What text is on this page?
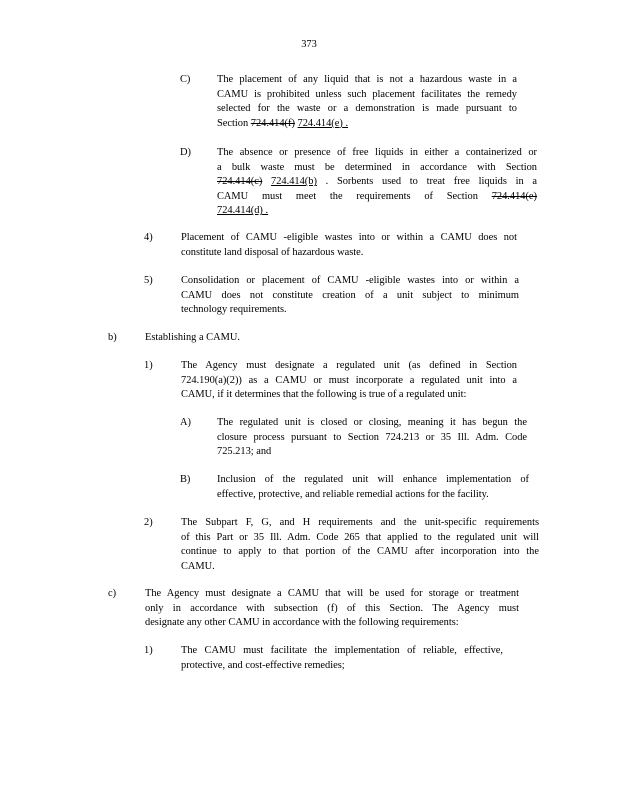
373
C)	The placement of any liquid that is not a hazardous waste in a
CAMU is prohibited unless such placement facilitates the remedy
selected for the waste or a demonstration is made pursuant to
Section 724.414(f) 724.414(e) .
D)	The absence or presence of free liquids in either a containerized or
a bulk waste must be determined in accordance with Section
724.414(c) 724.414(b) . Sorbents used to treat free liquids in a
CAMU must meet the requirements of Section 724.414(e)
724.414(d) .
4)	Placement of CAMU -eligible wastes into or within a CAMU does not
constitute land disposal of hazardous waste.
5)	Consolidation or placement of CAMU -eligible wastes into or within a
CAMU does not constitute creation of a unit subject to minimum
technology requirements.
b)	Establishing a CAMU.
1)	The Agency must designate a regulated unit (as defined in Section
724.190(a)(2)) as a CAMU or must incorporate a regulated unit into a
CAMU, if it determines that the following is true of a regulated unit:
A)	The regulated unit is closed or closing, meaning it has begun the
closure process pursuant to Section 724.213 or 35 Ill. Adm. Code
725.213; and
B)	Inclusion of the regulated unit will enhance implementation of
effective, protective, and reliable remedial actions for the facility.
2)	The Subpart F, G, and H requirements and the unit-specific requirements
of this Part or 35 Ill. Adm. Code 265 that applied to the regulated unit will
continue to apply to that portion of the CAMU after incorporation into the
CAMU.
c)	The Agency must designate a CAMU that will be used for storage or treatment
only in accordance with subsection (f) of this Section. The Agency must
designate any other CAMU in accordance with the following requirements:
1)	The CAMU must facilitate the implementation of reliable, effective,
protective, and cost-effective remedies;
